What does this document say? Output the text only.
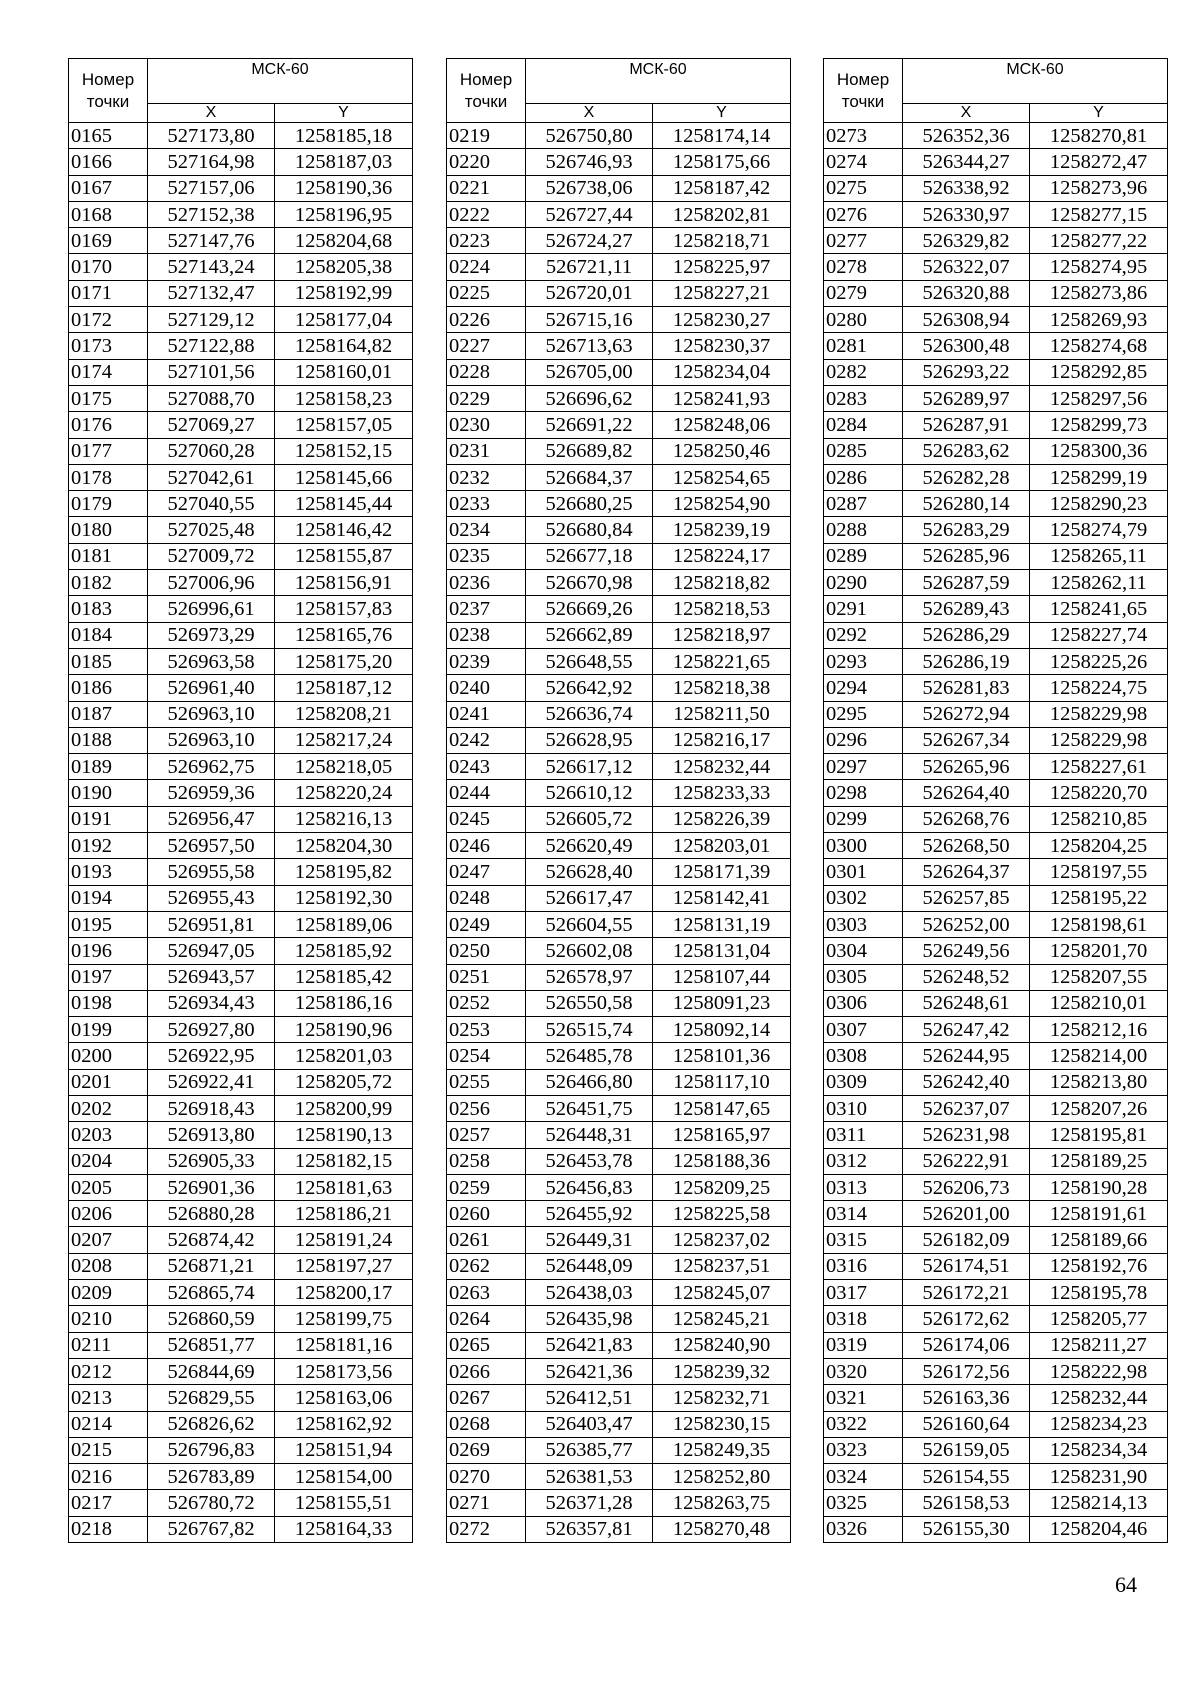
Номер
точки	МСК-60	
	X	Y
0165	527173,80	1258185,18
0166	527164,98	1258187,03
0167	527157,06	1258190,36
0168	527152,38	1258196,95
0169	527147,76	1258204,68
0170	527143,24	1258205,38
0171	527132,47	1258192,99
0172	527129,12	1258177,04
0173	527122,88	1258164,82
0174	527101,56	1258160,01
0175	527088,70	1258158,23
0176	527069,27	1258157,05
0177	527060,28	1258152,15
0178	527042,61	1258145,66
0179	527040,55	1258145,44
0180	527025,48	1258146,42
0181	527009,72	1258155,87
0182	527006,96	1258156,91
0183	526996,61	1258157,83
0184	526973,29	1258165,76
0185	526963,58	1258175,20
0186	526961,40	1258187,12
0187	526963,10	1258208,21
0188	526963,10	1258217,24
0189	526962,75	1258218,05
0190	526959,36	1258220,24
0191	526956,47	1258216,13
0192	526957,50	1258204,30
0193	526955,58	1258195,82
0194	526955,43	1258192,30
0195	526951,81	1258189,06
0196	526947,05	1258185,92
0197	526943,57	1258185,42
0198	526934,43	1258186,16
0199	526927,80	1258190,96
0200	526922,95	1258201,03
0201	526922,41	1258205,72
0202	526918,43	1258200,99
0203	526913,80	1258190,13
0204	526905,33	1258182,15
0205	526901,36	1258181,63
0206	526880,28	1258186,21
0207	526874,42	1258191,24
0208	526871,21	1258197,27
0209	526865,74	1258200,17
0210	526860,59	1258199,75
0211	526851,77	1258181,16
0212	526844,69	1258173,56
0213	526829,55	1258163,06
0214	526826,62	1258162,92
0215	526796,83	1258151,94
0216	526783,89	1258154,00
0217	526780,72	1258155,51
0218	526767,82	1258164,33
Номер
точки	МСК-60	
	X	Y
0219	526750,80	1258174,14
0220	526746,93	1258175,66
0221	526738,06	1258187,42
0222	526727,44	1258202,81
0223	526724,27	1258218,71
0224	526721,11	1258225,97
0225	526720,01	1258227,21
0226	526715,16	1258230,27
0227	526713,63	1258230,37
0228	526705,00	1258234,04
0229	526696,62	1258241,93
0230	526691,22	1258248,06
0231	526689,82	1258250,46
0232	526684,37	1258254,65
0233	526680,25	1258254,90
0234	526680,84	1258239,19
0235	526677,18	1258224,17
0236	526670,98	1258218,82
0237	526669,26	1258218,53
0238	526662,89	1258218,97
0239	526648,55	1258221,65
0240	526642,92	1258218,38
0241	526636,74	1258211,50
0242	526628,95	1258216,17
0243	526617,12	1258232,44
0244	526610,12	1258233,33
0245	526605,72	1258226,39
0246	526620,49	1258203,01
0247	526628,40	1258171,39
0248	526617,47	1258142,41
0249	526604,55	1258131,19
0250	526602,08	1258131,04
0251	526578,97	1258107,44
0252	526550,58	1258091,23
0253	526515,74	1258092,14
0254	526485,78	1258101,36
0255	526466,80	1258117,10
0256	526451,75	1258147,65
0257	526448,31	1258165,97
0258	526453,78	1258188,36
0259	526456,83	1258209,25
0260	526455,92	1258225,58
0261	526449,31	1258237,02
0262	526448,09	1258237,51
0263	526438,03	1258245,07
0264	526435,98	1258245,21
0265	526421,83	1258240,90
0266	526421,36	1258239,32
0267	526412,51	1258232,71
0268	526403,47	1258230,15
0269	526385,77	1258249,35
0270	526381,53	1258252,80
0271	526371,28	1258263,75
0272	526357,81	1258270,48
Номер
точки	МСК-60	
	X	Y
0273	526352,36	1258270,81
0274	526344,27	1258272,47
0275	526338,92	1258273,96
0276	526330,97	1258277,15
0277	526329,82	1258277,22
0278	526322,07	1258274,95
0279	526320,88	1258273,86
0280	526308,94	1258269,93
0281	526300,48	1258274,68
0282	526293,22	1258292,85
0283	526289,97	1258297,56
0284	526287,91	1258299,73
0285	526283,62	1258300,36
0286	526282,28	1258299,19
0287	526280,14	1258290,23
0288	526283,29	1258274,79
0289	526285,96	1258265,11
0290	526287,59	1258262,11
0291	526289,43	1258241,65
0292	526286,29	1258227,74
0293	526286,19	1258225,26
0294	526281,83	1258224,75
0295	526272,94	1258229,98
0296	526267,34	1258229,98
0297	526265,96	1258227,61
0298	526264,40	1258220,70
0299	526268,76	1258210,85
0300	526268,50	1258204,25
0301	526264,37	1258197,55
0302	526257,85	1258195,22
0303	526252,00	1258198,61
0304	526249,56	1258201,70
0305	526248,52	1258207,55
0306	526248,61	1258210,01
0307	526247,42	1258212,16
0308	526244,95	1258214,00
0309	526242,40	1258213,80
0310	526237,07	1258207,26
0311	526231,98	1258195,81
0312	526222,91	1258189,25
0313	526206,73	1258190,28
0314	526201,00	1258191,61
0315	526182,09	1258189,66
0316	526174,51	1258192,76
0317	526172,21	1258195,78
0318	526172,62	1258205,77
0319	526174,06	1258211,27
0320	526172,56	1258222,98
0321	526163,36	1258232,44
0322	526160,64	1258234,23
0323	526159,05	1258234,34
0324	526154,55	1258231,90
0325	526158,53	1258214,13
0326	526155,30	1258204,46
64
